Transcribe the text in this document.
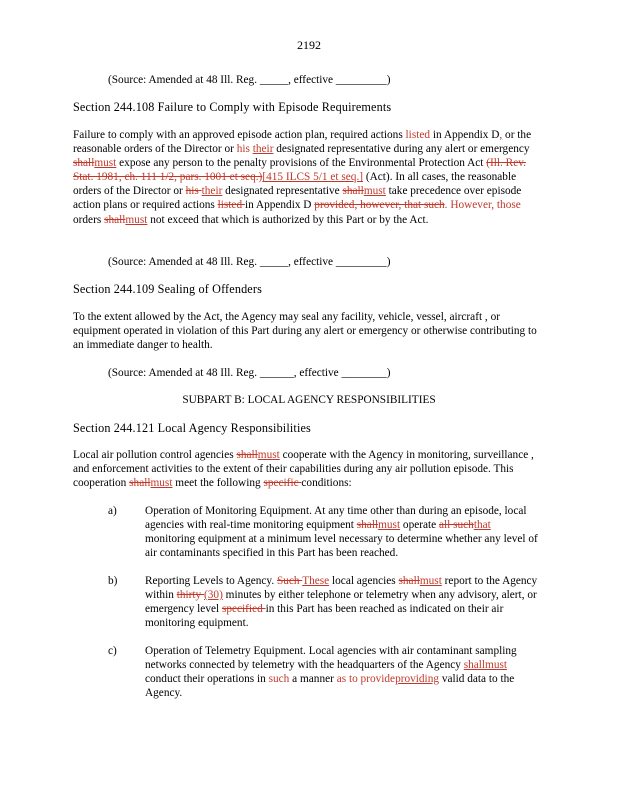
2192
(Source: Amended at 48 Ill. Reg. _____, effective _________)
Section 244.108 Failure to Comply with Episode Requirements
Failure to comply with an approved episode action plan, required actions listed in Appendix D, or the reasonable orders of the Director or his their designated representative during any alert or emergency shallmust expose any person to the penalty provisions of the Environmental Protection Act (Ill. Rev. Stat. 1981, ch. 111 1/2, pars. 1001 et seq.)[415 ILCS 5/1 et seq.] (Act). In all cases, the reasonable orders of the Director or his their designated representative shallmust take precedence over episode action plans or required actions listed in Appendix D provided, however, that such. However, those orders shallmust not exceed that which is authorized by this Part or by the Act.
(Source: Amended at 48 Ill. Reg. _____, effective _________)
Section 244.109 Sealing of Offenders
To the extent allowed by the Act, the Agency may seal any facility, vehicle, vessel, aircraft , or equipment operated in violation of this Part during any alert or emergency or otherwise contributing to an immediate danger to health.
(Source: Amended at 48 Ill. Reg. ______, effective ________)
SUBPART B: LOCAL AGENCY RESPONSIBILITIES
Section 244.121 Local Agency Responsibilities
Local air pollution control agencies shallmust cooperate with the Agency in monitoring, surveillance , and enforcement activities to the extent of their capabilities during any air pollution episode. This cooperation shallmust meet the following specific conditions:
a) Operation of Monitoring Equipment. At any time other than during an episode, local agencies with real-time monitoring equipment shallmust operate all suchthat monitoring equipment at a minimum level necessary to determine whether any level of air contaminants specified in this Part has been reached.
b) Reporting Levels to Agency. Such These local agencies shallmust report to the Agency within thirty (30) minutes by either telephone or telemetry when any advisory, alert, or emergency level specified in this Part has been reached as indicated on their air monitoring equipment.
c) Operation of Telemetry Equipment. Local agencies with air contaminant sampling networks connected by telemetry with the headquarters of the Agency shallmust conduct their operations in such a manner as to provideproviding valid data to the Agency.
